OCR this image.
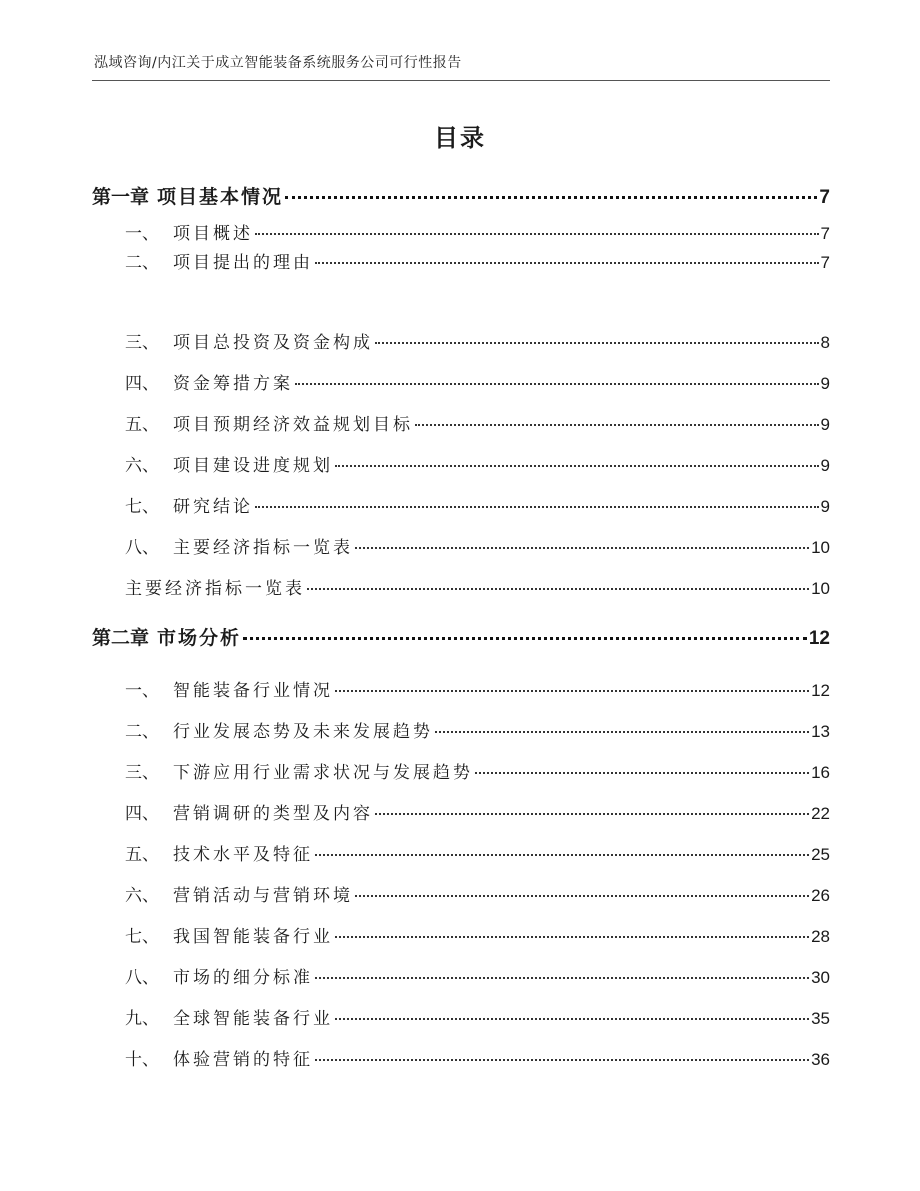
泓域咨询/内江关于成立智能装备系统服务公司可行性报告
目录
第一章 项目基本情况	7
一、 项目概述	7
二、 项目提出的理由	7
三、 项目总投资及资金构成	8
四、 资金筹措方案	9
五、 项目预期经济效益规划目标	9
六、 项目建设进度规划	9
七、 研究结论	9
八、 主要经济指标一览表	10
主要经济指标一览表	10
第二章 市场分析	12
一、 智能装备行业情况	12
二、 行业发展态势及未来发展趋势	13
三、 下游应用行业需求状况与发展趋势	16
四、 营销调研的类型及内容	22
五、 技术水平及特征	25
六、 营销活动与营销环境	26
七、 我国智能装备行业	28
八、 市场的细分标准	30
九、 全球智能装备行业	35
十、 体验营销的特征	36
